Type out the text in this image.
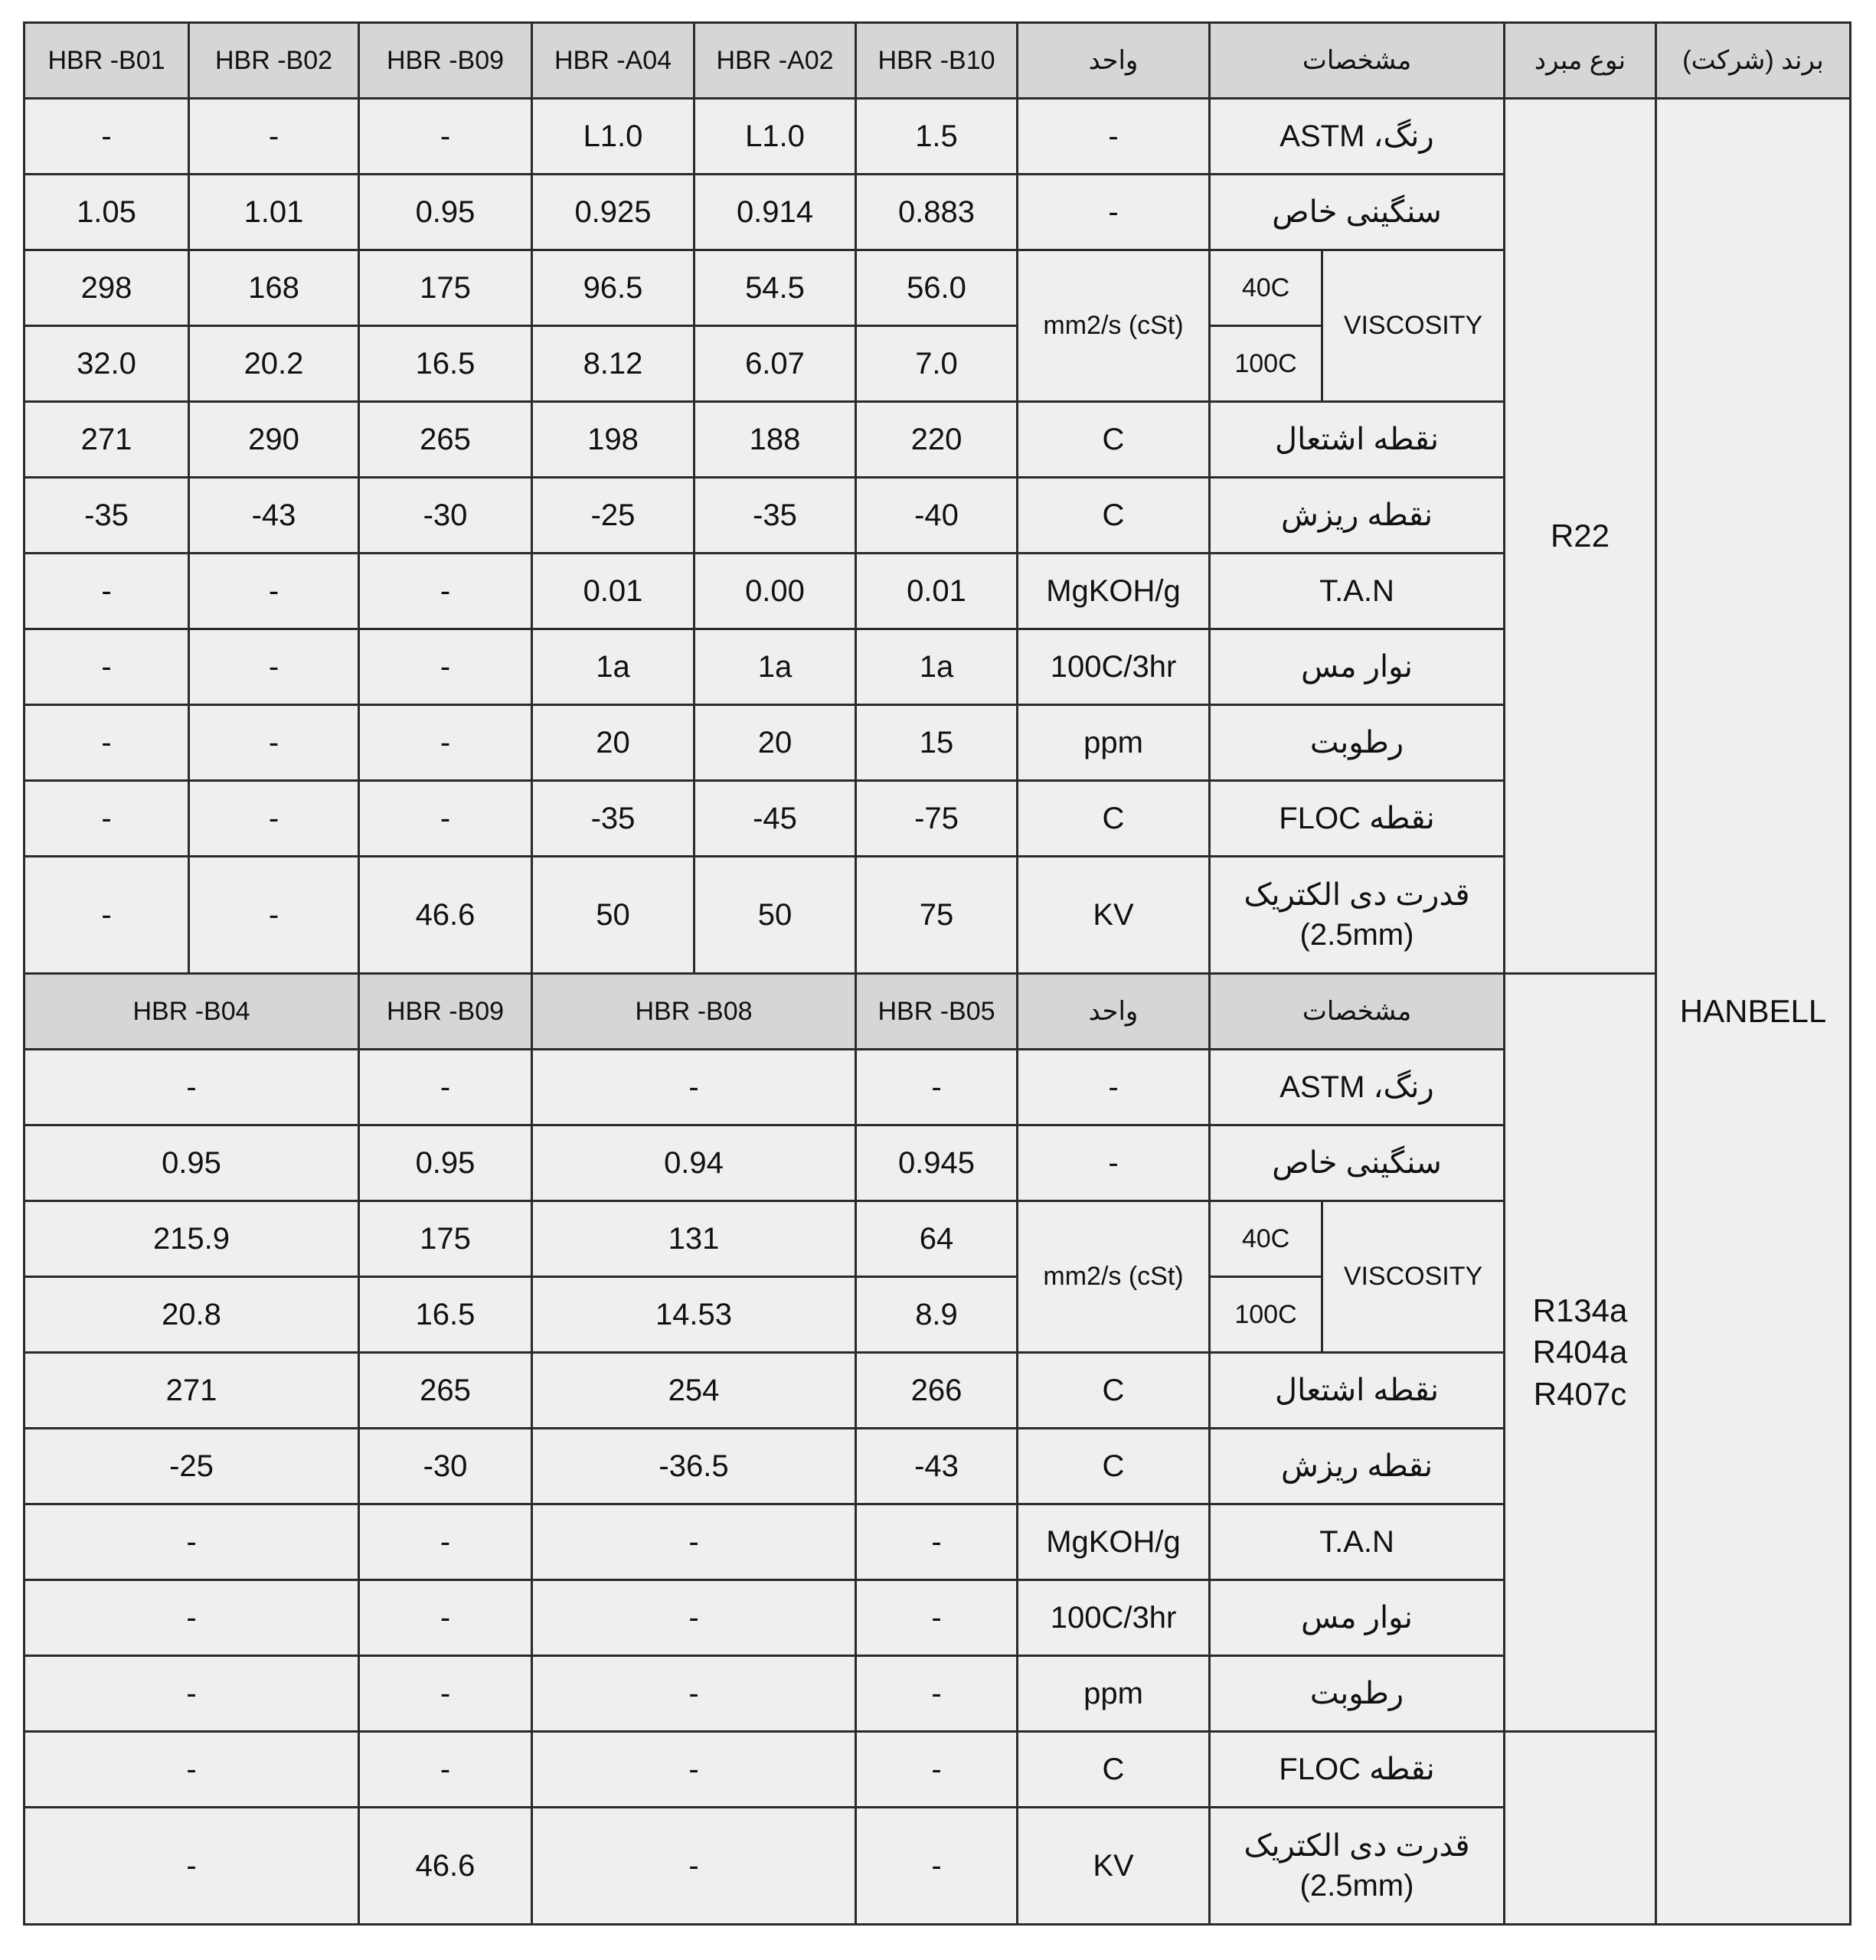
HBR -B01	HBR -B02	HBR -B09	HBR -A04	HBR -A02	HBR -B10	واحد	مشخصات		نوع مبرد	برند (شرکت)
-	-	-	L1.0	L1.0	1.5	-	رنگ، ASTM		R22	HANBELL
1.05	1.01	0.95	0.925	0.914	0.883	-	سنگینی خاص			
298	168	175	96.5	54.5	56.0	mm2/s (cSt)	40C	VISCOSITY		
32.0	20.2	16.5	8.12	6.07	7.0		100C			
271	290	265	198	188	220	C	نقطه اشتعال			
-35	-43	-30	-25	-35	-40	C	نقطه ریزش			
-	-	-	0.01	0.00	0.01	MgKOH/g	T.A.N			
-	-	-	1a	1a	1a	100C/3hr	نوار مس			
-	-	-	20	20	15	ppm	رطوبت			
-	-	-	-35	-45	-75	C	نقطه FLOC			
-	-	46.6	50	50	75	KV	قدرت دی الکتریک
(2.5mm)			

HBR -B04		HBR -B09	HBR -B08		HBR -B05	واحد	مشخصات		R134a
R404a
R407c	

-		-	-		-	-	رنگ، ASTM			
0.95		0.95	0.94		0.945	-	سنگینی خاص			
215.9		175	131		64	mm2/s (cSt)	40C	VISCOSITY		
20.8		16.5	14.53		8.9		100C			
271		265	254		266	C	نقطه اشتعال			
-25		-30	-36.5		-43	C	نقطه ریزش			
-		-	-		-	MgKOH/g	T.A.N			
-		-	-		-	100C/3hr	نوار مس			
-		-	-		-	ppm	رطوبت			
-		-	-		-	C	نقطه FLOC			
-		46.6	-		-	KV	قدرت دی الکتریک
(2.5mm)			
